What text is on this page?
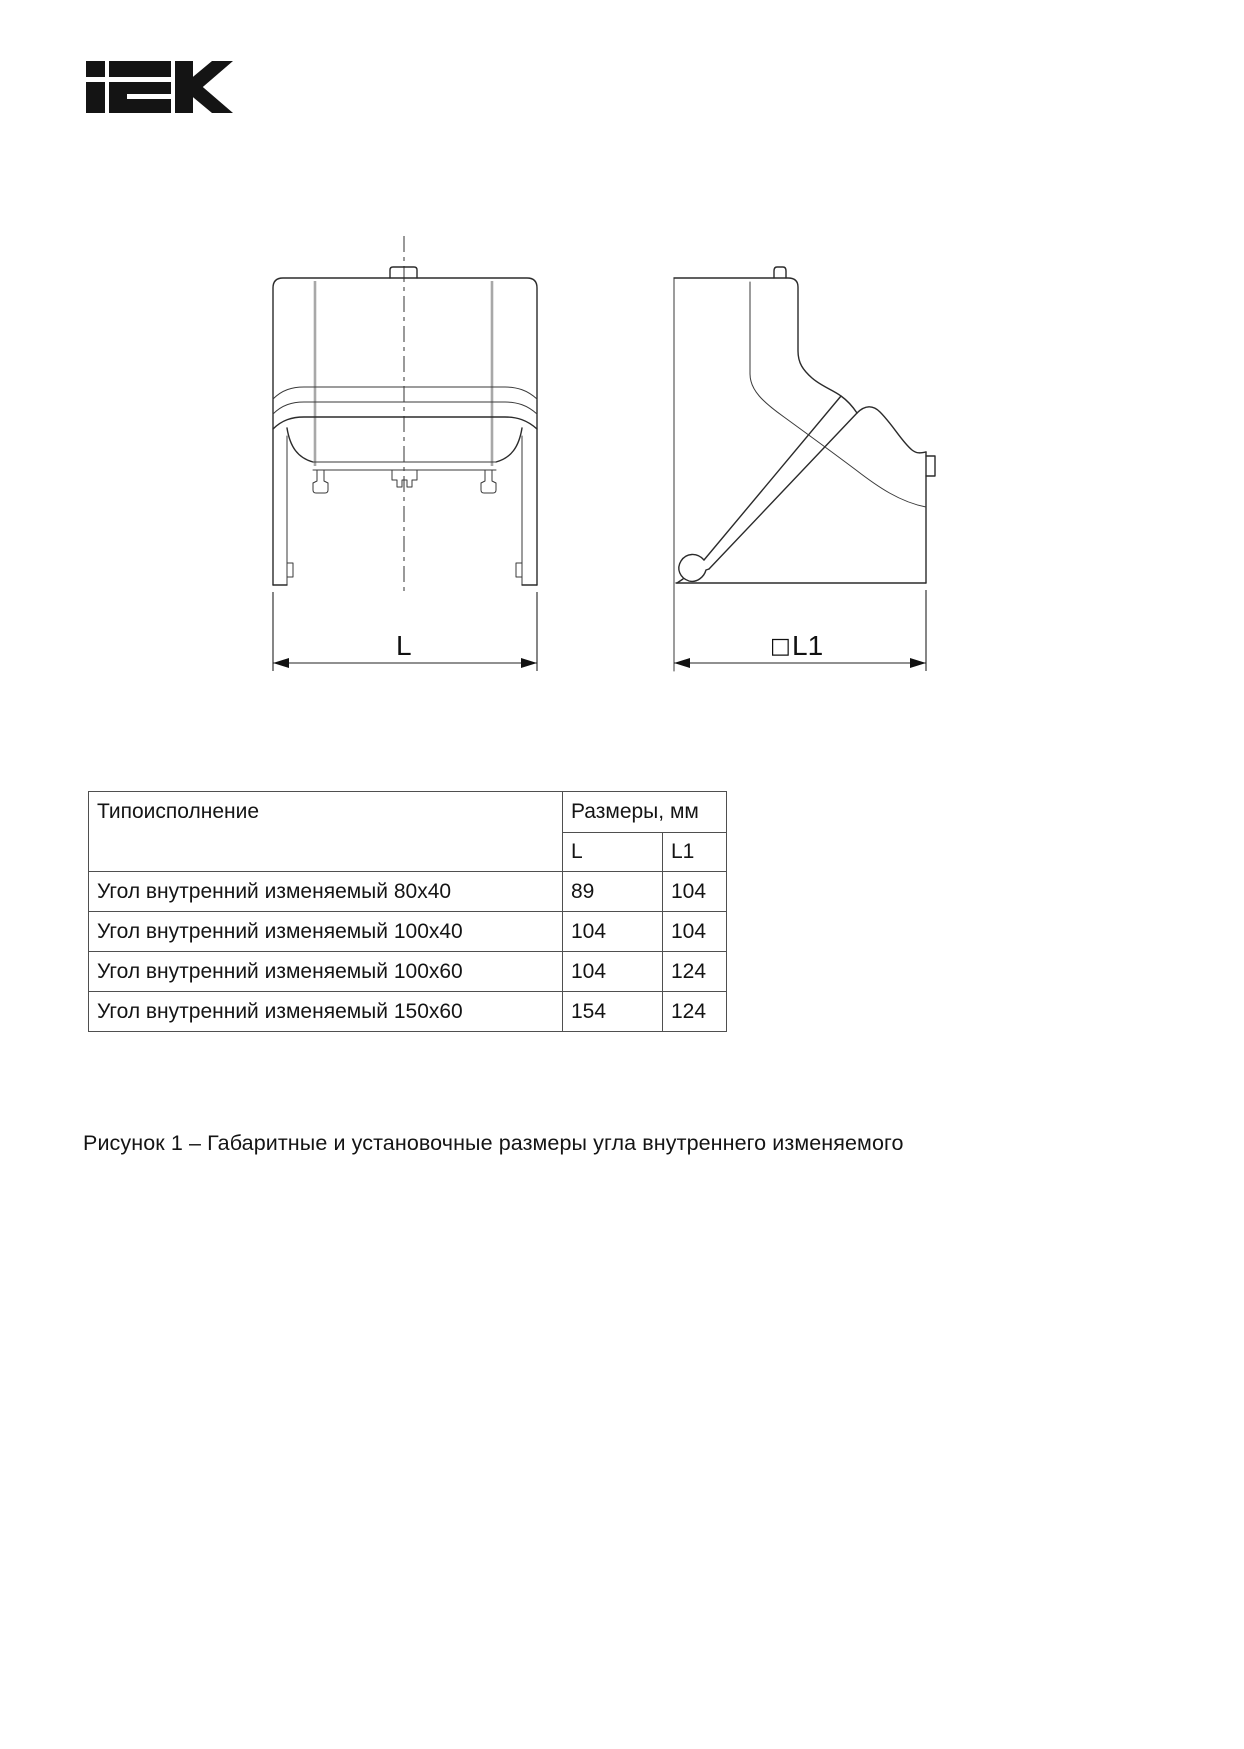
L	□ L1
Типоисполнение	Размеры, мм	
	L	L1
Угол внутренний изменяемый 80х40	89	104
Угол внутренний изменяемый 100х40	104	104
Угол внутренний изменяемый 100х60	104	124
Угол внутренний изменяемый 150х60	154	124
Рисунок 1 – Габаритные и установочные размеры угла внутреннего изменяемого
